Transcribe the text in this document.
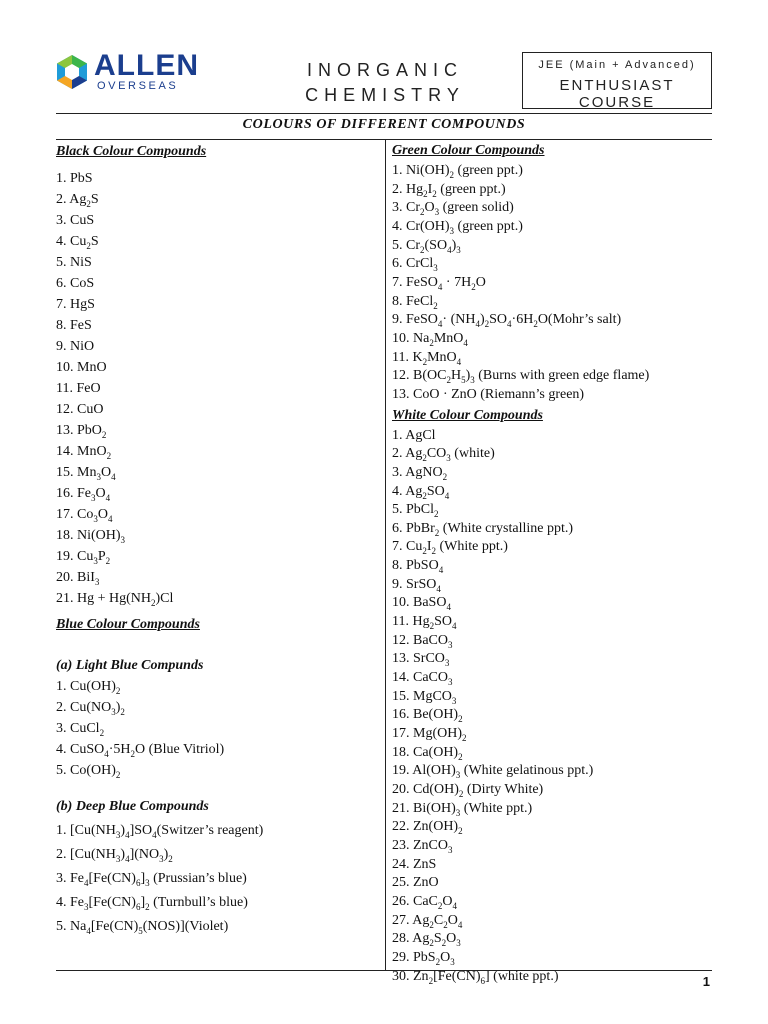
ALLEN
OVERSEAS
INORGANIC
CHEMISTRY
JEE (Main + Advanced)
ENTHUSIAST COURSE
COLOURS OF DIFFERENT COMPOUNDS
Black Colour Compounds
1. PbS
2. $Ag_2S$
3. CuS
4. $Cu_2S$
5. NiS
6. CoS
7. HgS
8. FeS
9. NiO
10. MnO
11. FeO
12. CuO
13. PbO$_2$
14. MnO$_2$
15. $Mn_3O_4$
16. $Fe_3O_4$
17. $Co_3O_4$
18. $Ni(OH)_3$
19. $Cu_3P_2$
20. BiI$_3$
21. $Hg + Hg(NH_2)Cl$
Blue Colour Compounds
(a) Light Blue Compunds
1. $Cu(OH)_2$
2. $Cu(NO_3)_2$
3. CuCl$_2$
4. $CuSO_4\cdot 5H_2O$ (Blue Vitriol)
5. $Co(OH)_2$
(b) Deep Blue Compounds
1. $[Cu(NH_3)_4]SO_4(Switzer’s$ reagent)
2. $[Cu(NH_3)_4](NO_3)_2$
3. $Fe_4[Fe(CN)_6]_3$ (Prussian’s blue)
4. $Fe_3[Fe(CN)_6]_2$ (Turnbull’s blue)
5. $Na_4[Fe(CN)_5(NOS)](Violet)$
Green Colour Compounds
1. $Ni(OH)_2$ (green ppt.)
2. $Hg_2I_2$ (green ppt.)
3. $Cr_2O_3$ (green solid)
4. $Cr(OH)_3$ (green ppt.)
5. $Cr_2(SO_4)_3$
6. CrCl$_3$
7. FeSO$_4$ · $7H_2O$
8. FeCl$_2$
9. FeSO$_4$· $(NH_4)_2SO_4\cdot 6H_2O(Mohr’s$ salt)
10. $Na_2MnO_4$
11. $K_2MnO_4$
12. $B(OC_2H_5)_3$ (Burns with green edge flame)
13. CoO · ZnO (Riemann’s green)
White Colour Compounds
1. AgCl
2. $Ag_2CO_3$ (white)
3. AgNO$_2$
4. $Ag_2SO_4$
5. PbCl$_2$
6. PbBr$_2$ (White crystalline ppt.)
7. $Cu_2I_2$ (White ppt.)
8. PbSO$_4$
9. SrSO$_4$
10. BaSO$_4$
11. $Hg_2SO_4$
12. BaCO$_3$
13. SrCO$_3$
14. CaCO$_3$
15. MgCO$_3$
16. $Be(OH)_2$
17. $Mg(OH)_2$
18. $Ca(OH)_2$
19. $Al(OH)_3$ (White gelatinous ppt.)
20. $Cd(OH)_2$ (Dirty White)
21. $Bi(OH)_3$ (White ppt.)
22. $Zn(OH)_2$
23. ZnCO$_3$
24. ZnS
25. ZnO
26. $CaC_2O_4$
27. $Ag_2C_2O_4$
28. $Ag_2S_2O_3$
29. $PbS_2O_3$
30. $Zn_2[Fe(CN)_6]$ (white ppt.)	1
